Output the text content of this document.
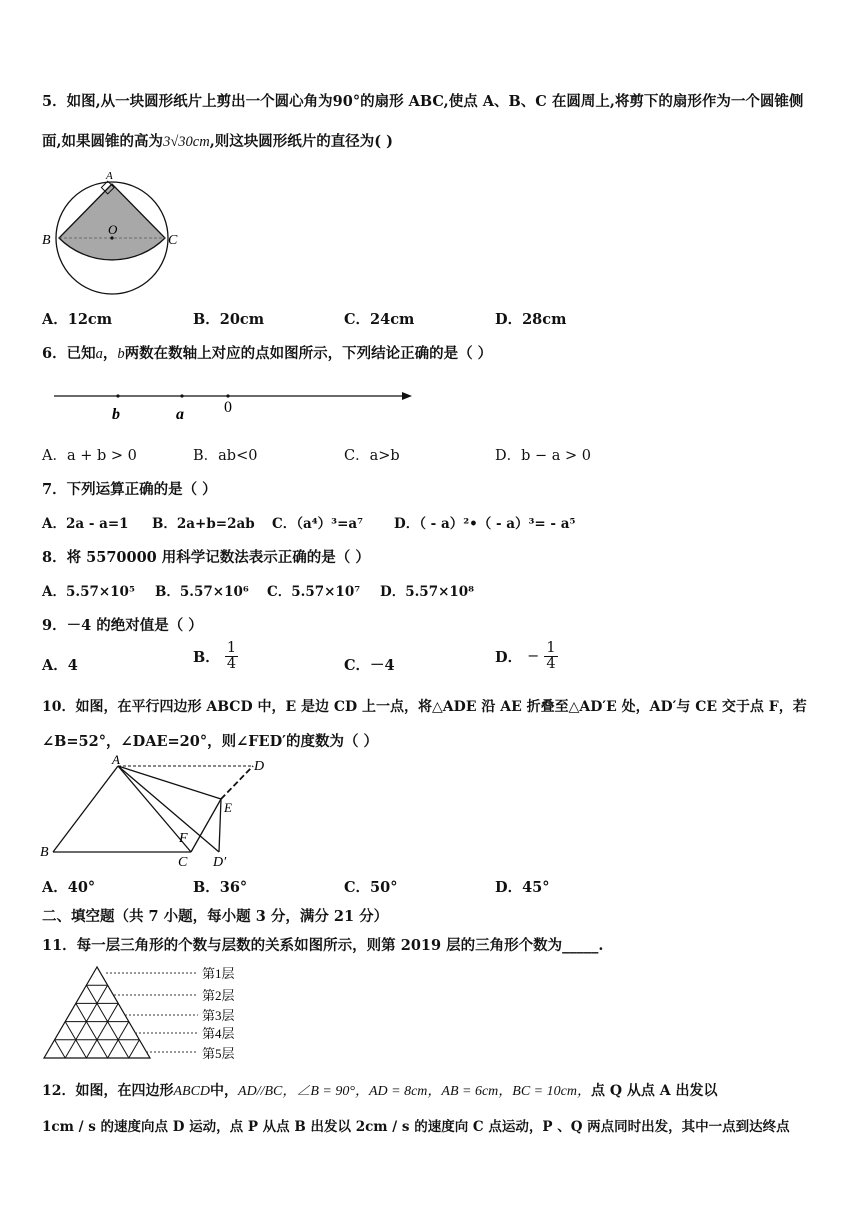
5．如图,从一块圆形纸片上剪出一个圆心角为90°的扇形 ABC,使点 A、B、C 在圆周上,将剪下的扇形作为一个圆锥侧
面,如果圆锥的高为3√30cm,则这块圆形纸片的直径为( )
A
B	C
O
A．12cm	B．20cm	C．24cm	D．28cm
6．已知a，b两数在数轴上对应的点如图所示，下列结论正确的是（ ）
b	a	0
A．a + b > 0	B．ab<0	C．a>b	D．b − a > 0
7．下列运算正确的是（ ）
A．2a - a=1 B．2a+b=2ab C．（a⁴）³=a⁷ D．（ - a）²•（ - a）³= - a⁵
8．将 5570000 用科学记数法表示正确的是（ ）
A．5.57×10⁵ B．5.57×10⁶ C．5.57×10⁷ D．5.57×10⁸
9．－4 的绝对值是（ ）
A．4	B． $\frac{1}{4}$	C．－4	D． − $\frac{1}{4}$
10．如图，在平行四边形 ABCD 中，E 是边 CD 上一点，将△ADE 沿 AE 折叠至△AD′E 处，AD′与 CE 交于点 F，若
∠B=52°，∠DAE=20°，则∠FED′的度数为（ ）
A
B
C
D
E
F
D′
A．40°	B．36°	C．50°	D．45°
二、填空题（共 7 小题，每小题 3 分，满分 21 分）
11．每一层三角形的个数与层数的关系如图所示，则第 2019 层的三角形个数为_____.
第1层
第2层
第3层
第4层
第5层
12．如图，在四边形ABCD中，AD//BC，∠B = 90°，AD = 8cm，AB = 6cm，BC = 10cm，点 Q 从点 A 出发以
1cm / s 的速度向点 D 运动，点 P 从点 B 出发以 2cm / s 的速度向 C 点运动，P 、Q 两点同时出发，其中一点到达终点
